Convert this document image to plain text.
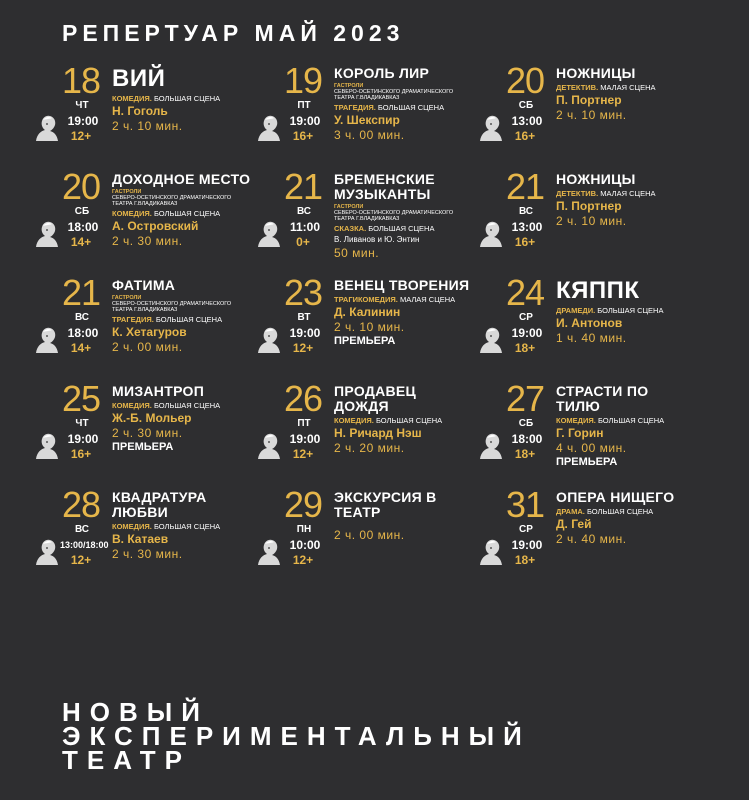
РЕПЕРТУАР МАЙ 2023
18
ЧТ
19:00
12+
ВИЙ
КОМЕДИЯ. БОЛЬШАЯ СЦЕНА
Н. Гоголь
2 ч. 10 мин.
19
ПТ
19:00
16+
КОРОЛЬ ЛИР
ГАСТРОЛИ
СЕВЕРО-ОСЕТИНСКОГО ДРАМАТИЧЕСКОГО ТЕАТРА Г.ВЛАДИКАВКАЗ
ТРАГЕДИЯ. БОЛЬШАЯ СЦЕНА
У. Шекспир
3 ч. 00 мин.
20
СБ
13:00
16+
НОЖНИЦЫ
ДЕТЕКТИВ. МАЛАЯ СЦЕНА
П. Портнер
2 ч. 10 мин.
20
СБ
18:00
14+
ДОХОДНОЕ МЕСТО
ГАСТРОЛИ
СЕВЕРО-ОСЕТИНСКОГО ДРАМАТИЧЕСКОГО ТЕАТРА Г.ВЛАДИКАВКАЗ
КОМЕДИЯ. БОЛЬШАЯ СЦЕНА
А. Островский
2 ч. 30 мин.
21
ВС
11:00
0+
БРЕМЕНСКИЕ МУЗЫКАНТЫ
ГАСТРОЛИ
СЕВЕРО-ОСЕТИНСКОГО ДРАМАТИЧЕСКОГО ТЕАТРА Г.ВЛАДИКАВКАЗ
СКАЗКА. БОЛЬШАЯ СЦЕНА
В. Ливанов и Ю. Энтин
50 мин.
21
ВС
13:00
16+
НОЖНИЦЫ
ДЕТЕКТИВ. МАЛАЯ СЦЕНА
П. Портнер
2 ч. 10 мин.
21
ВС
18:00
14+
ФАТИМА
ГАСТРОЛИ
СЕВЕРО-ОСЕТИНСКОГО ДРАМАТИЧЕСКОГО ТЕАТРА Г.ВЛАДИКАВКАЗ
ТРАГЕДИЯ. БОЛЬШАЯ СЦЕНА
К. Хетагуров
2 ч. 00 мин.
23
ВТ
19:00
12+
ВЕНЕЦ ТВОРЕНИЯ
ТРАГИКОМЕДИЯ. МАЛАЯ СЦЕНА
Д. Калинин
2 ч. 10 мин.
ПРЕМЬЕРА
24
СР
19:00
18+
КЯППК
ДРАМЕДИ. БОЛЬШАЯ СЦЕНА
И. Антонов
1 ч. 40 мин.
25
ЧТ
19:00
16+
МИЗАНТРОП
КОМЕДИЯ. БОЛЬШАЯ СЦЕНА
Ж.-Б. Мольер
2 ч. 30 мин.
ПРЕМЬЕРА
26
ПТ
19:00
12+
ПРОДАВЕЦ ДОЖДЯ
КОМЕДИЯ. БОЛЬШАЯ СЦЕНА
Н. Ричард Нэш
2 ч. 20 мин.
27
СБ
18:00
18+
СТРАСТИ ПО ТИЛЮ
КОМЕДИЯ. БОЛЬШАЯ СЦЕНА
Г. Горин
4 ч. 00 мин.
ПРЕМЬЕРА
28
ВС
13:00/18:00
12+
КВАДРАТУРА ЛЮБВИ
КОМЕДИЯ. БОЛЬШАЯ СЦЕНА
В. Катаев
2 ч. 30 мин.
29
ПН
10:00
12+
ЭКСКУРСИЯ В ТЕАТР
2 ч. 00 мин.
31
СР
19:00
18+
ОПЕРА НИЩЕГО
ДРАМА. БОЛЬШАЯ СЦЕНА
Д. Гей
2 ч. 40 мин.
НОВЫЙ
ЭКСПЕРИМЕНТАЛЬНЫЙ
ТЕАТР
